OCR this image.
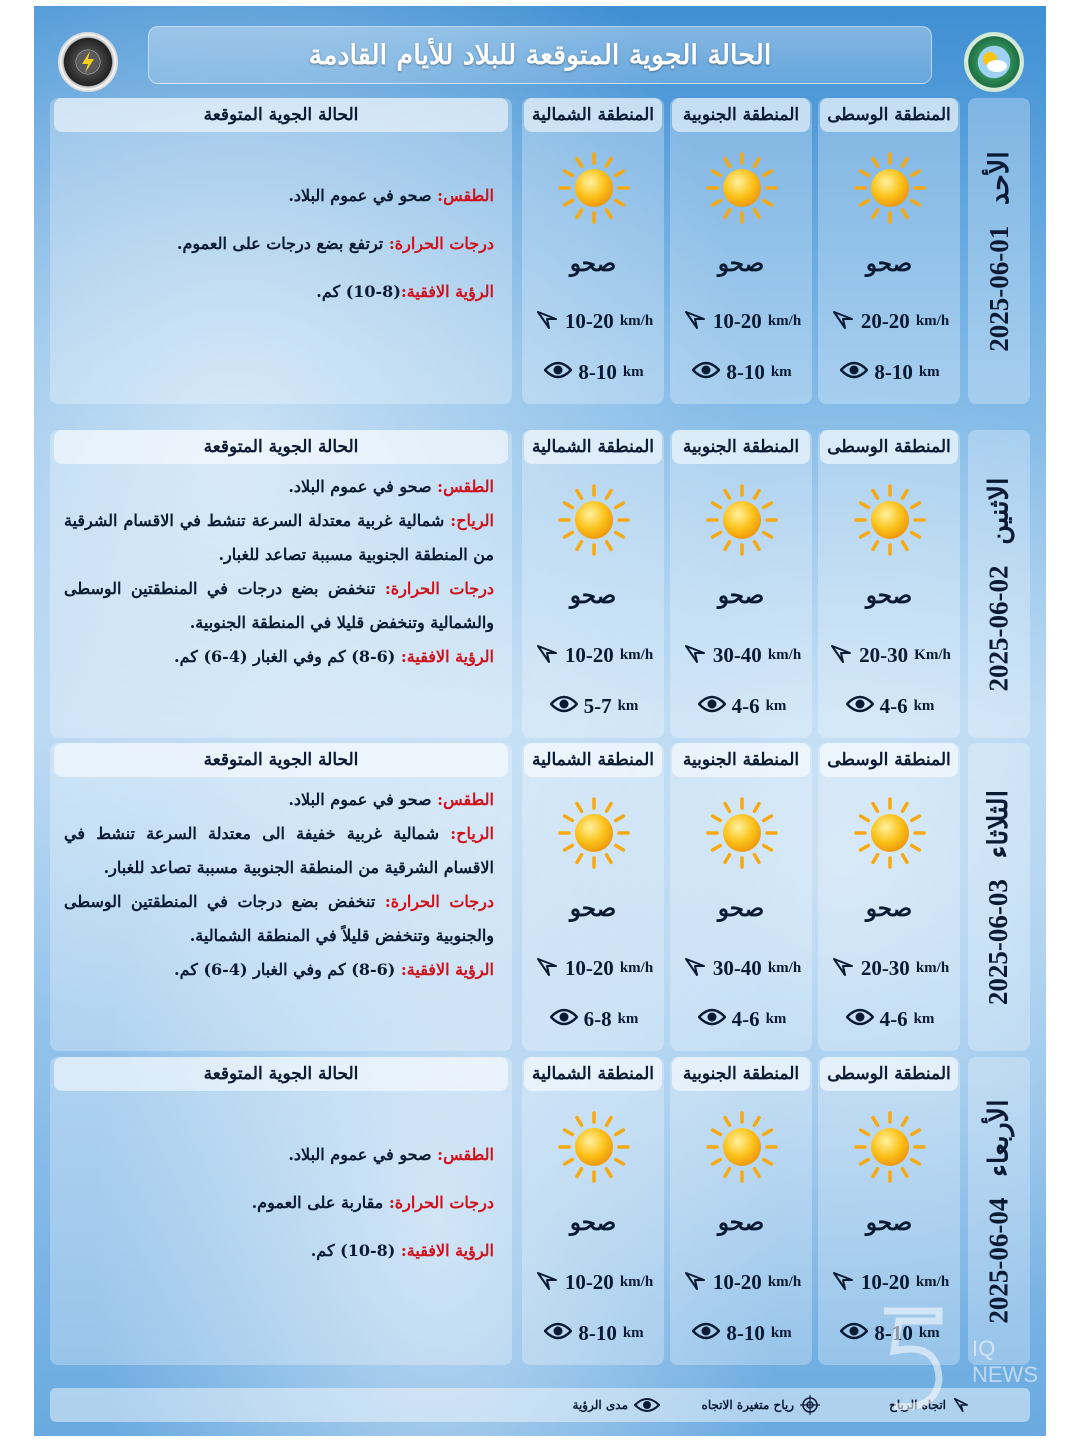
الحالة الجوية المتوقعة للبلاد للأيام القادمة
2025-06-01 الأحد
المنطقة الوسطى
صحو
20-20 km/h
8-10 km
المنطقة الجنوبية
صحو
10-20 km/h
8-10 km
المنطقة الشمالية
صحو
10-20 km/h
8-10 km
الحالة الجوية المتوقعة

الطقس: صحو في عموم البلاد.

درجات الحرارة: ترتفع بضع درجات على العموم.

الرؤية الافقية:(8-10) كم.

2025-06-02 الاثنين
المنطقة الوسطى
صحو
20-30 Km/h
4-6 km
المنطقة الجنوبية
صحو
30-40 km/h
4-6 km
المنطقة الشمالية
صحو
10-20 km/h
5-7 km
الحالة الجوية المتوقعة

الطقس: صحو في عموم البلاد.

الرياح: شمالية غربية معتدلة السرعة تنشط في الاقسام الشرقية من المنطقة الجنوبية مسببة تصاعد للغبار.

درجات الحرارة: تنخفض بضع درجات في المنطقتين الوسطى والشمالية وتنخفض قليلا في المنطقة الجنوبية.

الرؤية الافقية: (6-8) كم وفي الغبار (4-6) كم.

2025-06-03 الثلاثاء
المنطقة الوسطى
صحو
20-30 km/h
4-6 km
المنطقة الجنوبية
صحو
30-40 km/h
4-6 km
المنطقة الشمالية
صحو
10-20 km/h
6-8 km
الحالة الجوية المتوقعة

الطقس: صحو في عموم البلاد.

الرياح: شمالية غربية خفيفة الى معتدلة السرعة تنشط في الاقسام الشرقية من المنطقة الجنوبية مسببة تصاعد للغبار.

درجات الحرارة: تنخفض بضع درجات في المنطقتين الوسطى والجنوبية وتنخفض قليلاً في المنطقة الشمالية.

الرؤية الافقية: (6-8) كم وفي الغبار (4-6) كم.

2025-06-04 الأربعاء
المنطقة الوسطى
صحو
10-20 km/h
8-10 km
المنطقة الجنوبية
صحو
10-20 km/h
8-10 km
المنطقة الشمالية
صحو
10-20 km/h
8-10 km
الحالة الجوية المتوقعة

الطقس: صحو في عموم البلاد.

درجات الحرارة: مقاربة على العموم.

الرؤية الافقية: (8-10) كم.

اتجاه الرياح
رياح متغيرة الاتجاه
مدى الرؤية
IQ NEWS
